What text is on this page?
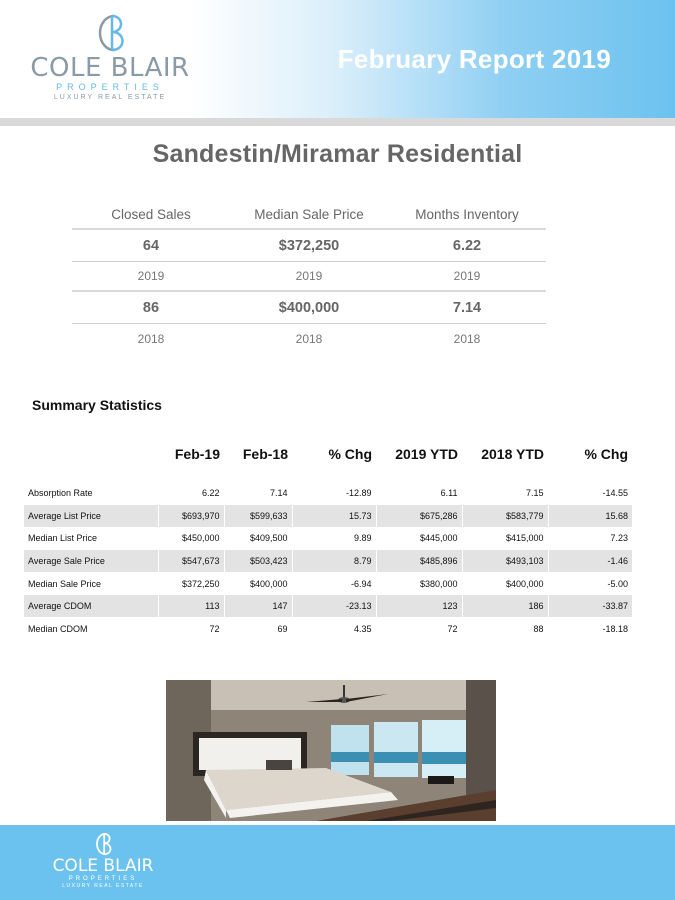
COLE BLAIR
PROPERTIES
LUXURY REAL ESTATE
February Report 2019
Sandestin/Miramar Residential
Closed Sales	Median Sale Price	Months Inventory
64	$372,250	6.22
2019	2019	2019
86	$400,000	7.14
2018	2018	2018
Summary Statistics
	Feb-19	Feb-18	% Chg	2019 YTD	2018 YTD	% Chg

Absorption Rate	6.22	7.14	-12.89	6.11	7.15	-14.55
Average List Price	$693,970	$599,633	15.73	$675,286	$583,779	15.68
Median List Price	$450,000	$409,500	9.89	$445,000	$415,000	7.23
Average Sale Price	$547,673	$503,423	8.79	$485,896	$493,103	-1.46
Median Sale Price	$372,250	$400,000	-6.94	$380,000	$400,000	-5.00
Average CDOM	113	147	-23.13	123	186	-33.87
Median CDOM	72	69	4.35	72	88	-18.18
COLE BLAIR
PROPERTIES
LUXURY REAL ESTATE
